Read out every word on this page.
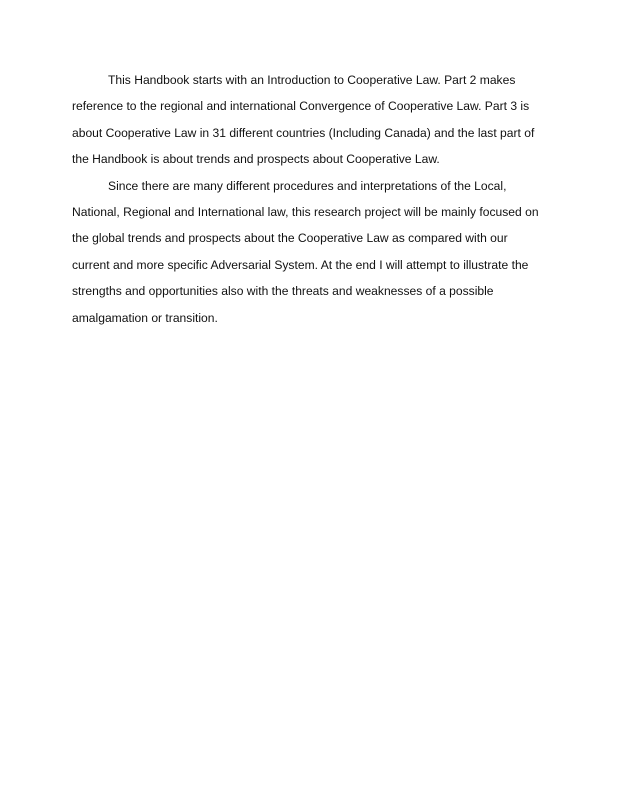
This Handbook starts with an Introduction to Cooperative Law. Part 2 makes
reference to the regional and international Convergence of Cooperative Law. Part 3 is
about Cooperative Law in 31 different countries (Including Canada) and the last part of
the Handbook is about trends and prospects about Cooperative Law.
Since there are many different procedures and interpretations of the Local,
National, Regional and International law, this research project will be mainly focused on
the global trends and prospects about the Cooperative Law as compared with our
current and more specific Adversarial System. At the end I will attempt to illustrate the
strengths and opportunities also with the threats and weaknesses of a possible
amalgamation or transition.
